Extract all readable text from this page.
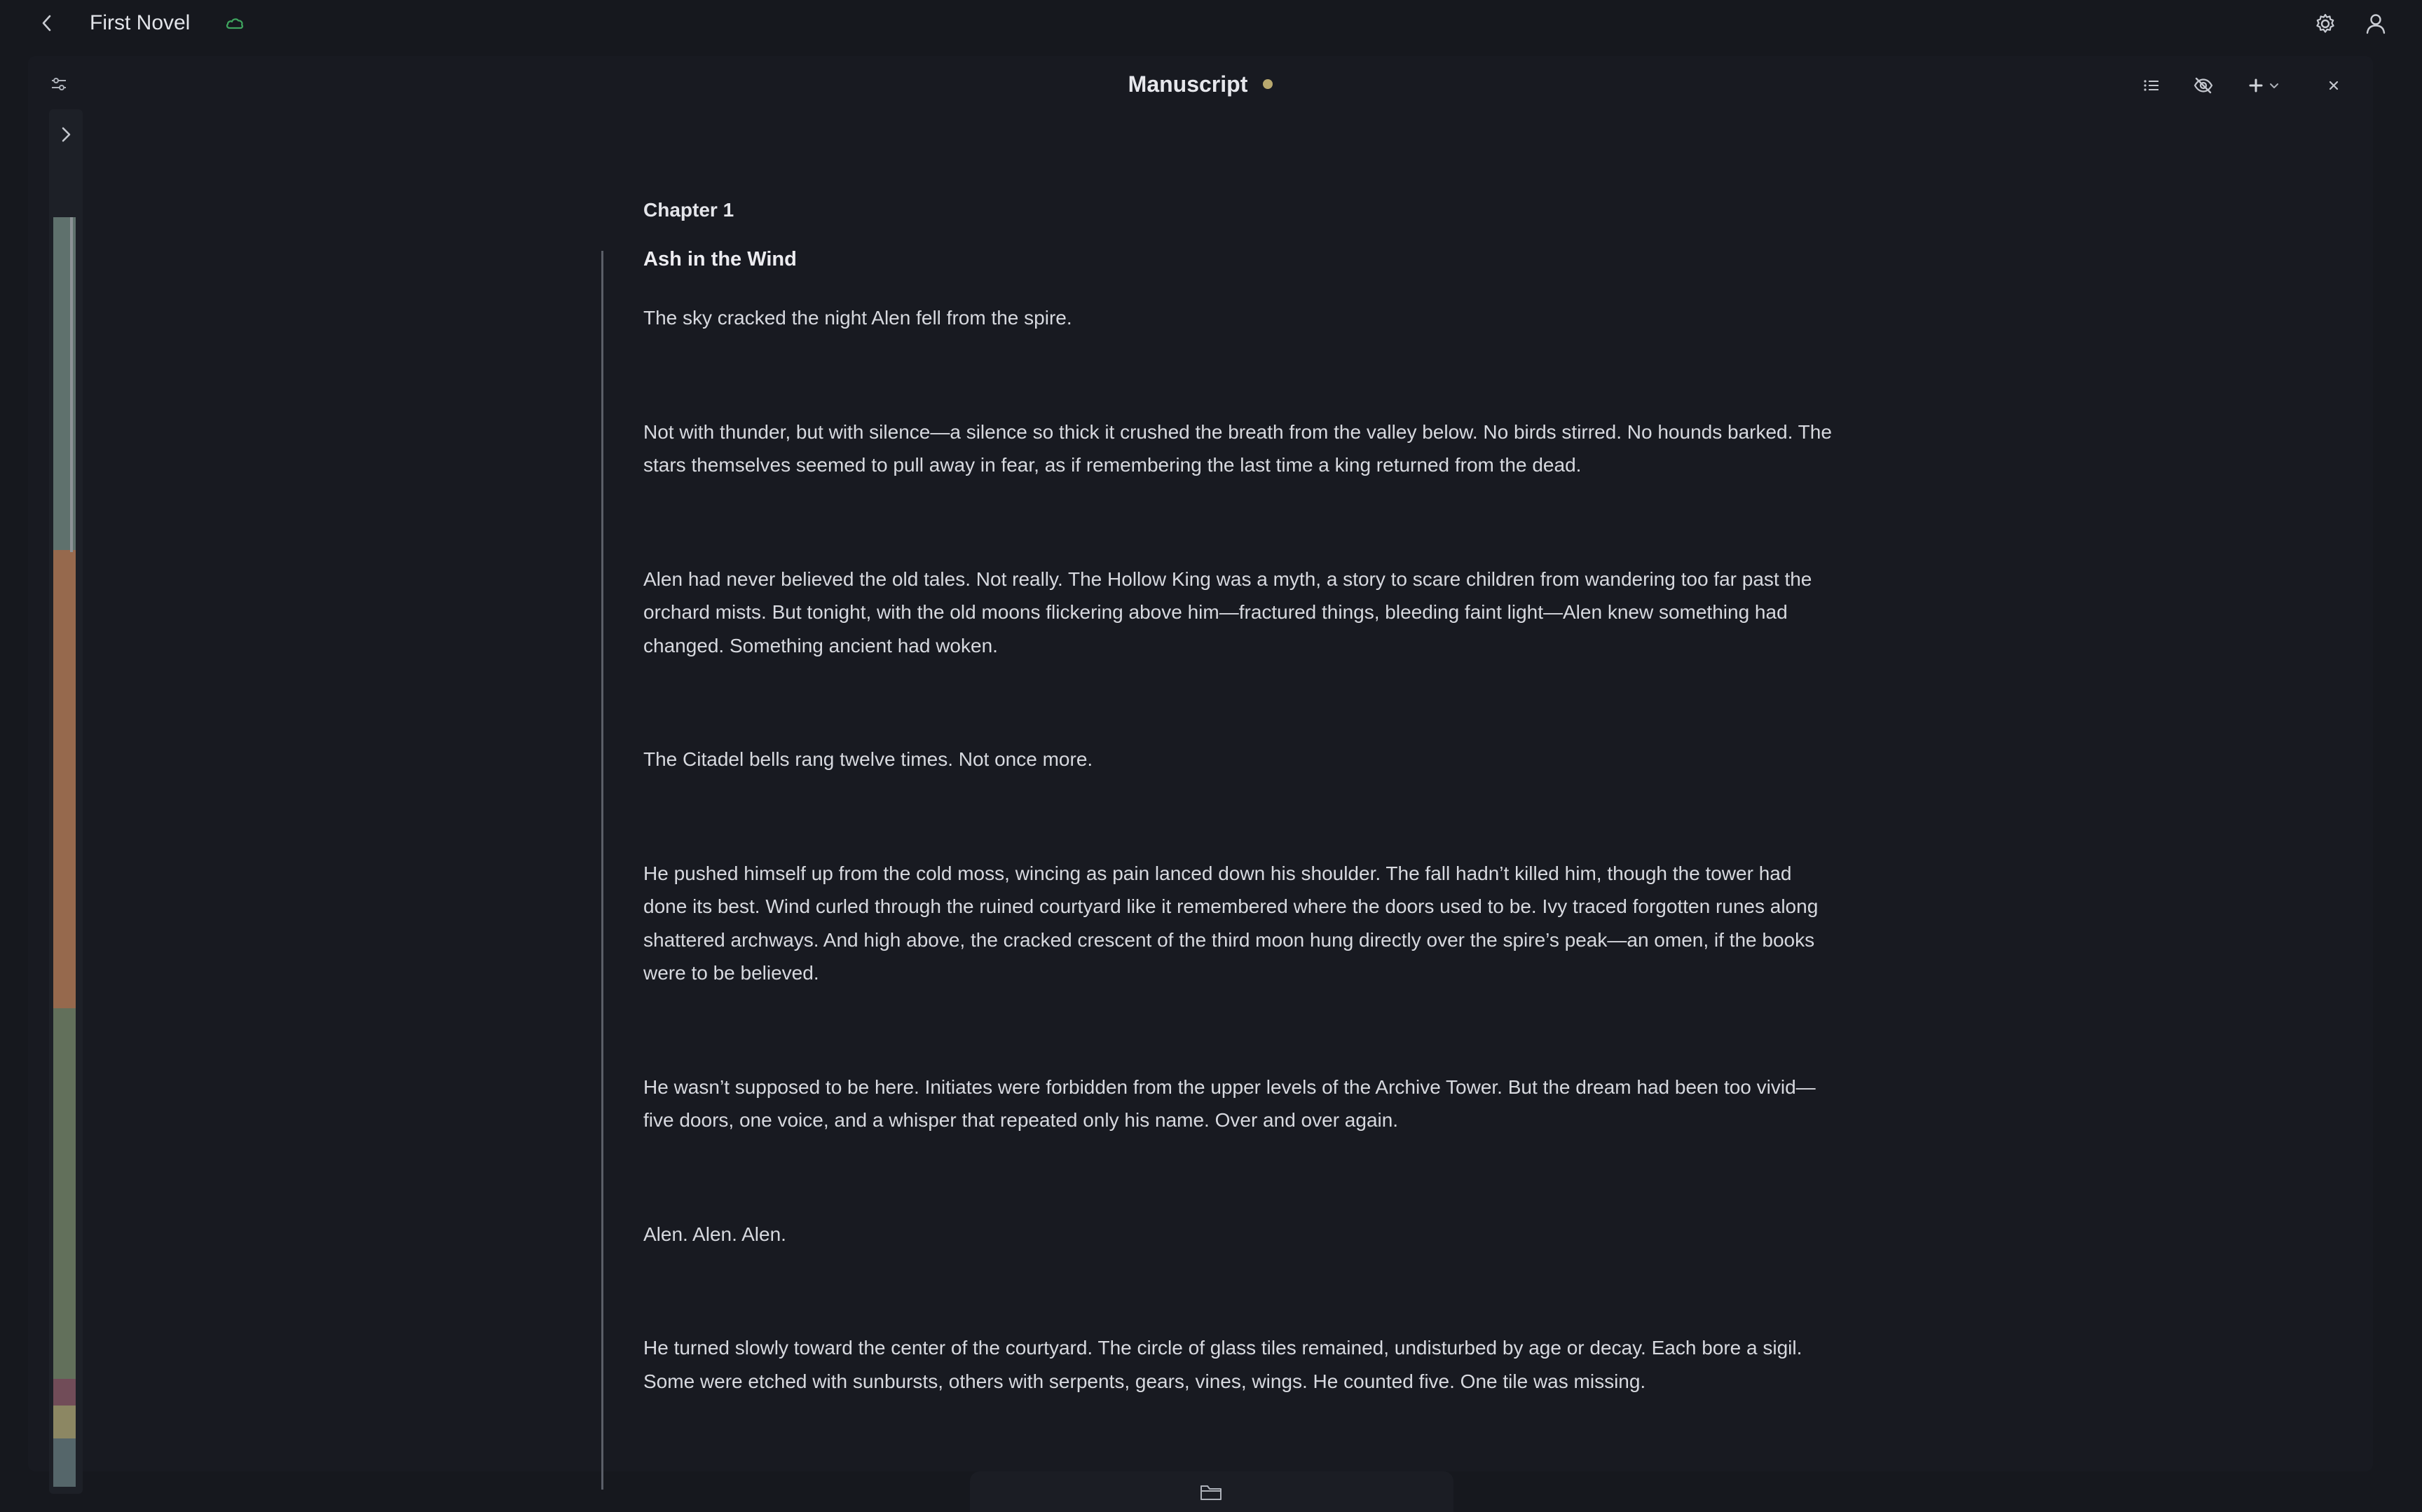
First Novel
Manuscript
Chapter 1
Ash in the Wind

The sky cracked the night Alen fell from the spire.

Not with thunder, but with silence—a silence so thick it crushed the breath from the valley below. No birds stirred. No hounds barked. The stars themselves seemed to pull away in fear, as if remembering the last time a king returned from the dead.

Alen had never believed the old tales. Not really. The Hollow King was a myth, a story to scare children from wandering too far past the orchard mists. But tonight, with the old moons flickering above him—fractured things, bleeding faint light—Alen knew something had changed. Something ancient had woken.

The Citadel bells rang twelve times. Not once more.

He pushed himself up from the cold moss, wincing as pain lanced down his shoulder. The fall hadn’t killed him, though the tower had done its best. Wind curled through the ruined courtyard like it remembered where the doors used to be. Ivy traced forgotten runes along shattered archways. And high above, the cracked crescent of the third moon hung directly over the spire’s peak—an omen, if the books were to be believed.

He wasn’t supposed to be here. Initiates were forbidden from the upper levels of the Archive Tower. But the dream had been too vivid—five doors, one voice, and a whisper that repeated only his name. Over and over again.

Alen. Alen. Alen.

He turned slowly toward the center of the courtyard. The circle of glass tiles remained, undisturbed by age or decay. Each bore a sigil. Some were etched with sunbursts, others with serpents, gears, vines, wings. He counted five. One tile was missing.
